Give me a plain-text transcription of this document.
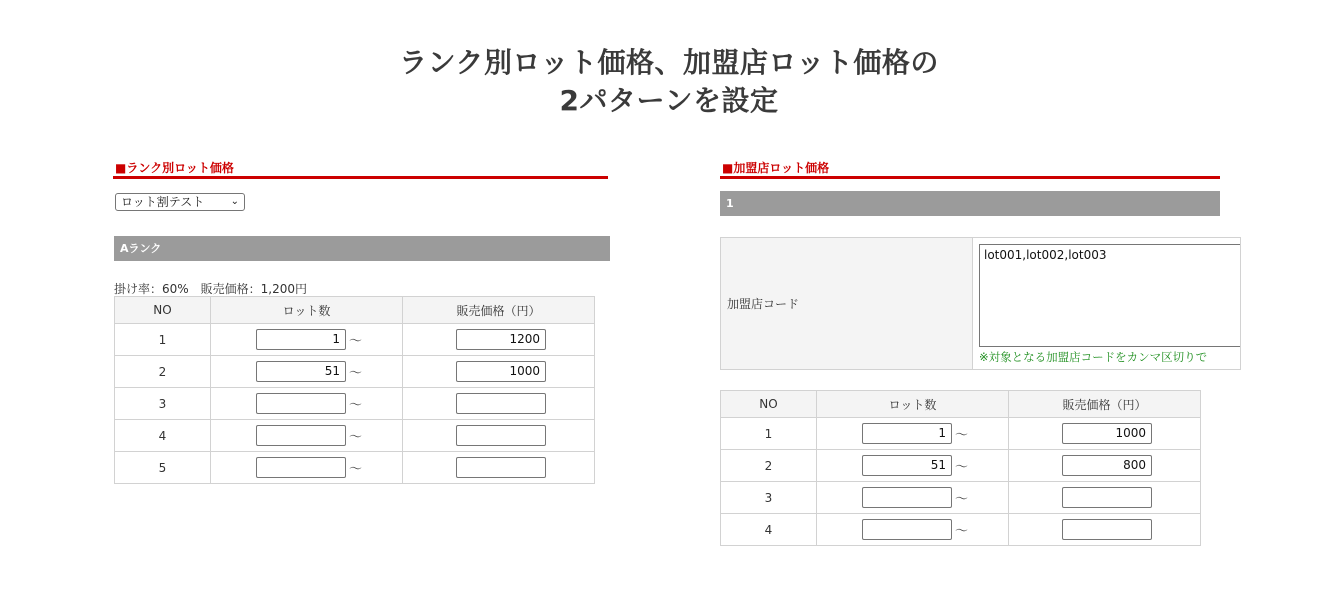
ランク別ロット価格、加盟店ロット価格の
2パターンを設定
■ランク別ロット価格
ロット割テスト	⌄
Aランク
掛け率：60%　販売価格：1,200円
NO	ロット数	販売価格（円）
1	1 〜	1200
2	51 〜	1000
3	〜	
4	〜	
5	〜	
■加盟店ロット価格
1
加盟店コード	
lot001,lot002,lot003
※対象となる加盟店コードをカンマ区切りで
NO	ロット数	販売価格（円）
1	1 〜	1000
2	51 〜	800
3	〜	
4	〜	
